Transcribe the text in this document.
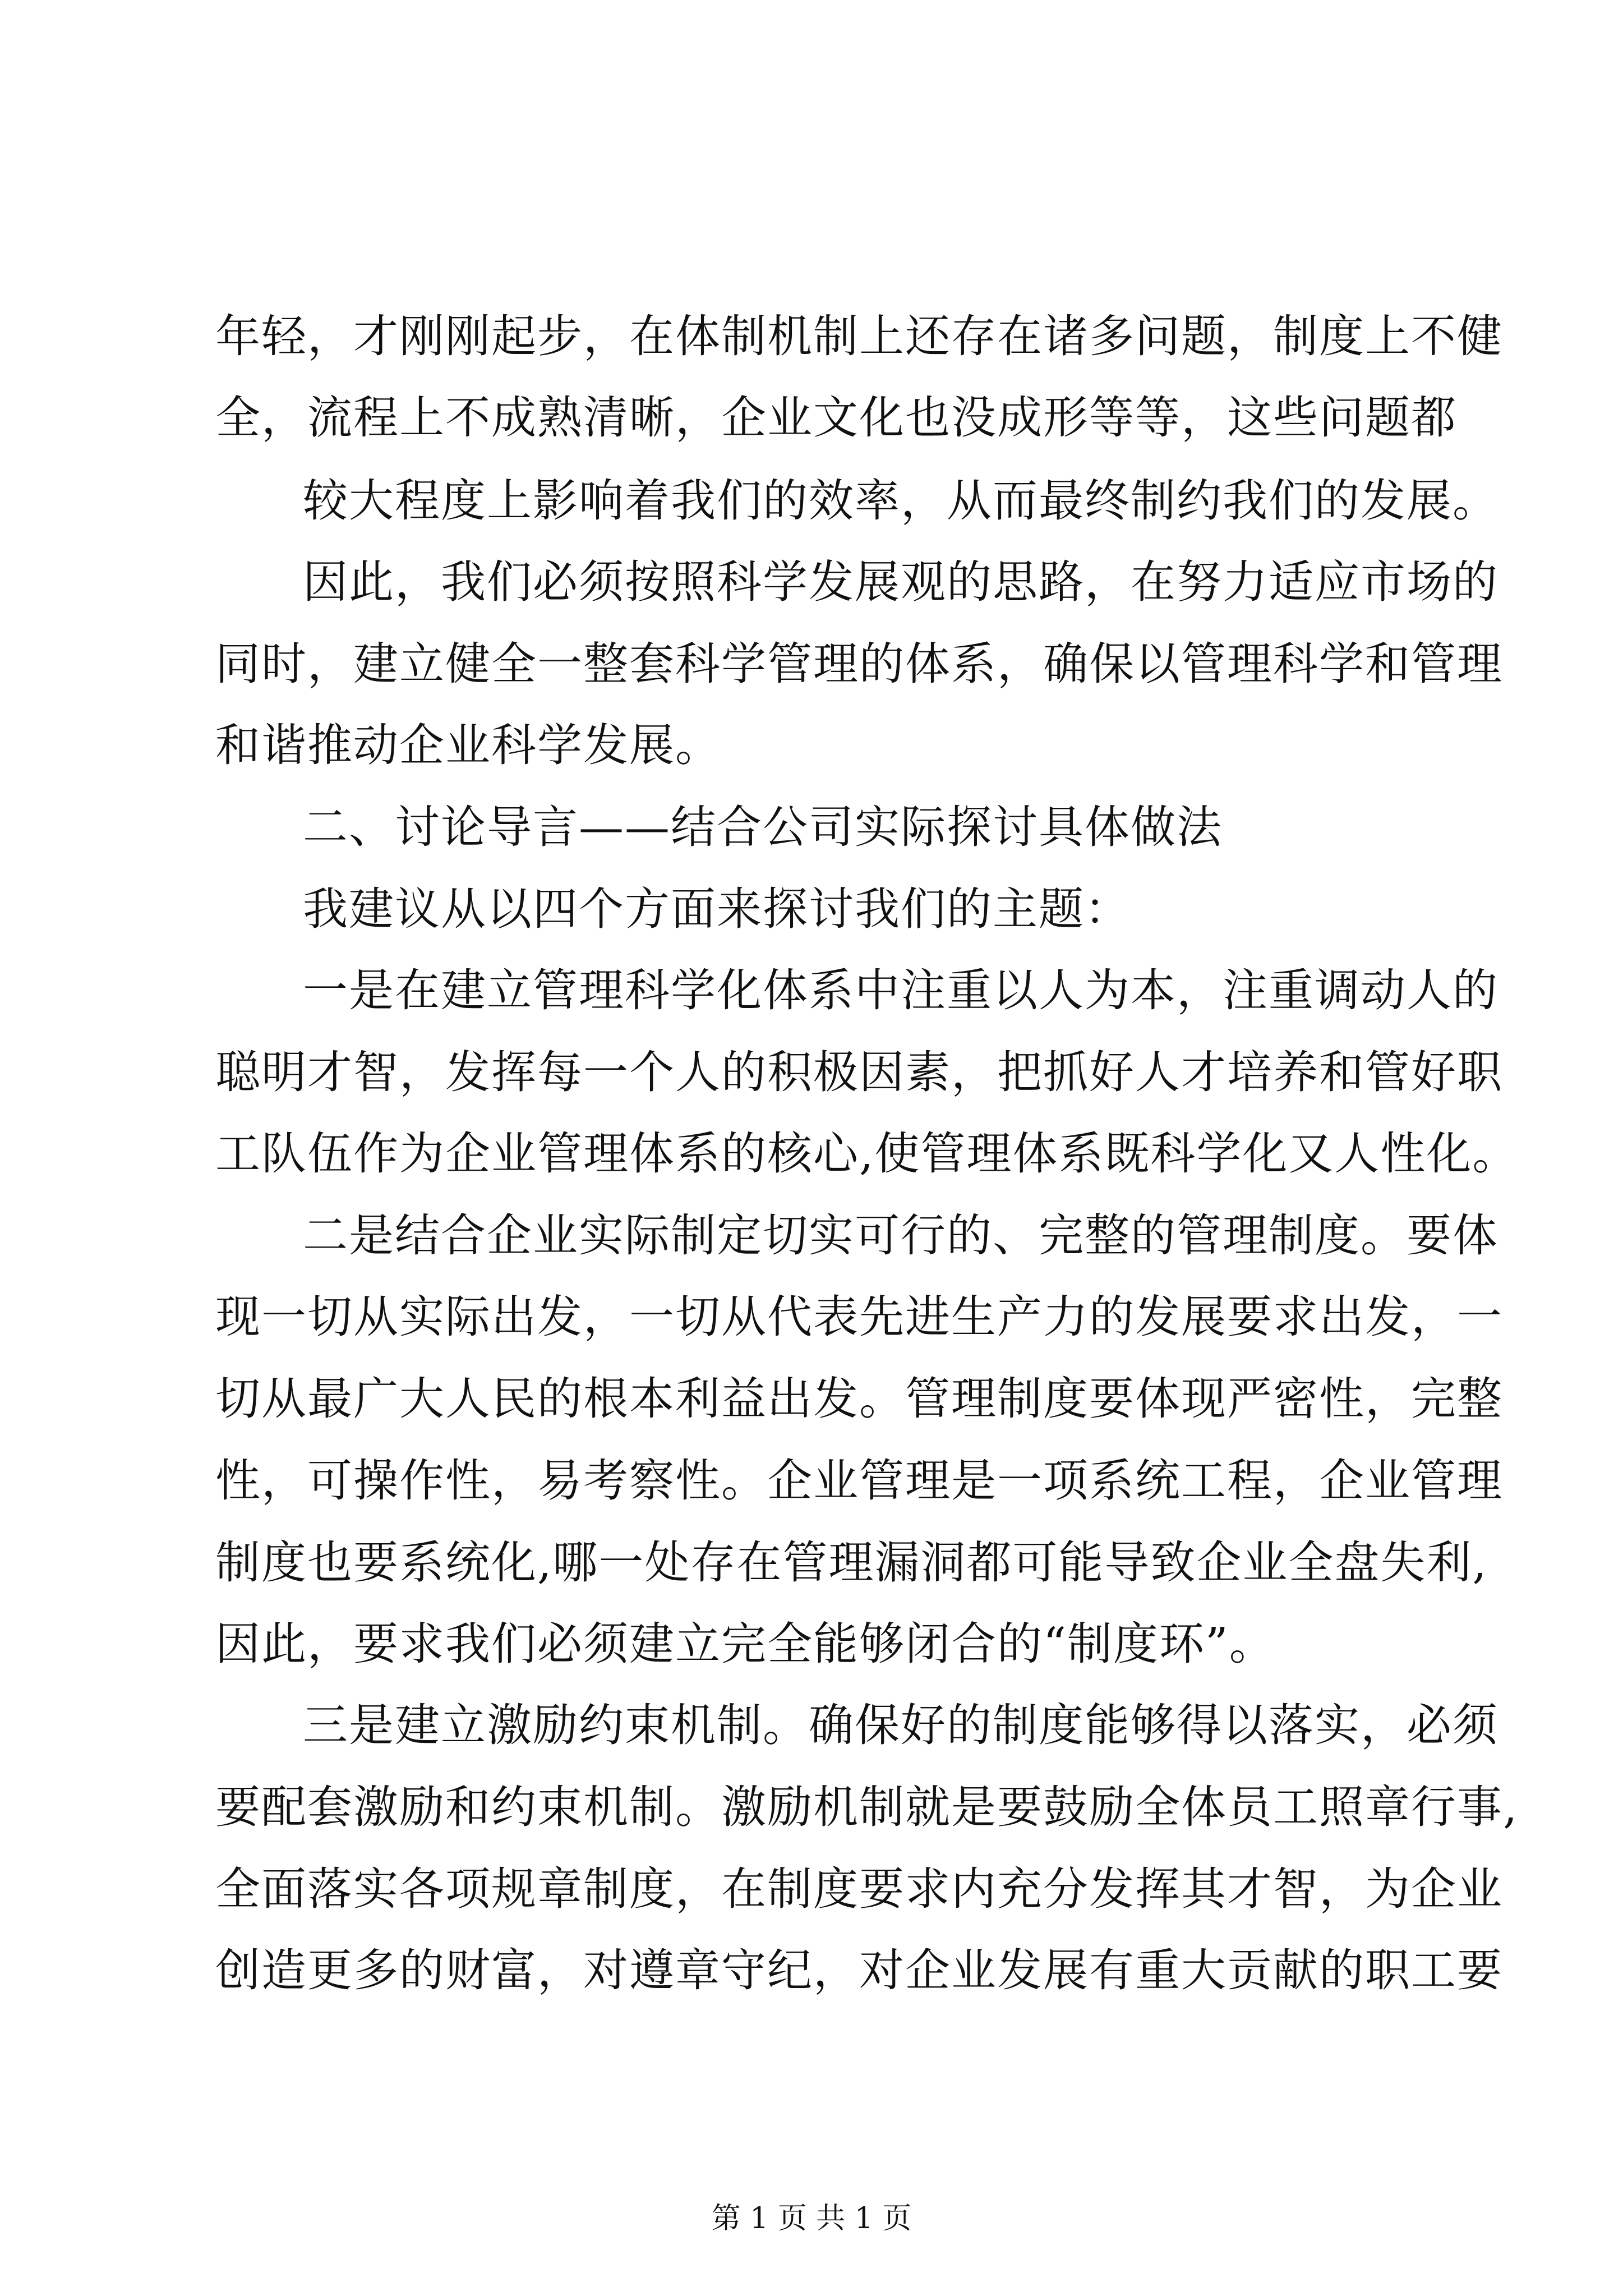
年轻，才刚刚起步，在体制机制上还存在诸多问题，制度上不健
全，流程上不成熟清晰，企业文化也没成形等等，这些问题都
较大程度上影响着我们的效率，从而最终制约我们的发展。
因此，我们必须按照科学发展观的思路，在努力适应市场的
同时，建立健全一整套科学管理的体系，确保以管理科学和管理
和谐推动企业科学发展。
二、讨论导言——结合公司实际探讨具体做法
我建议从以四个方面来探讨我们的主题：
一是在建立管理科学化体系中注重以人为本，注重调动人的
聪明才智，发挥每一个人的积极因素，把抓好人才培养和管好职
工队伍作为企业管理体系的核心,使管理体系既科学化又人性化。
二是结合企业实际制定切实可行的、完整的管理制度。要体
现一切从实际出发，一切从代表先进生产力的发展要求出发，一
切从最广大人民的根本利益出发。管理制度要体现严密性，完整
性，可操作性，易考察性。企业管理是一项系统工程，企业管理
制度也要系统化,哪一处存在管理漏洞都可能导致企业全盘失利,
因此，要求我们必须建立完全能够闭合的“制度环”。
三是建立激励约束机制。确保好的制度能够得以落实，必须
要配套激励和约束机制。激励机制就是要鼓励全体员工照章行事,
全面落实各项规章制度，在制度要求内充分发挥其才智，为企业
创造更多的财富，对遵章守纪，对企业发展有重大贡献的职工要
第 1 页 共 1 页
